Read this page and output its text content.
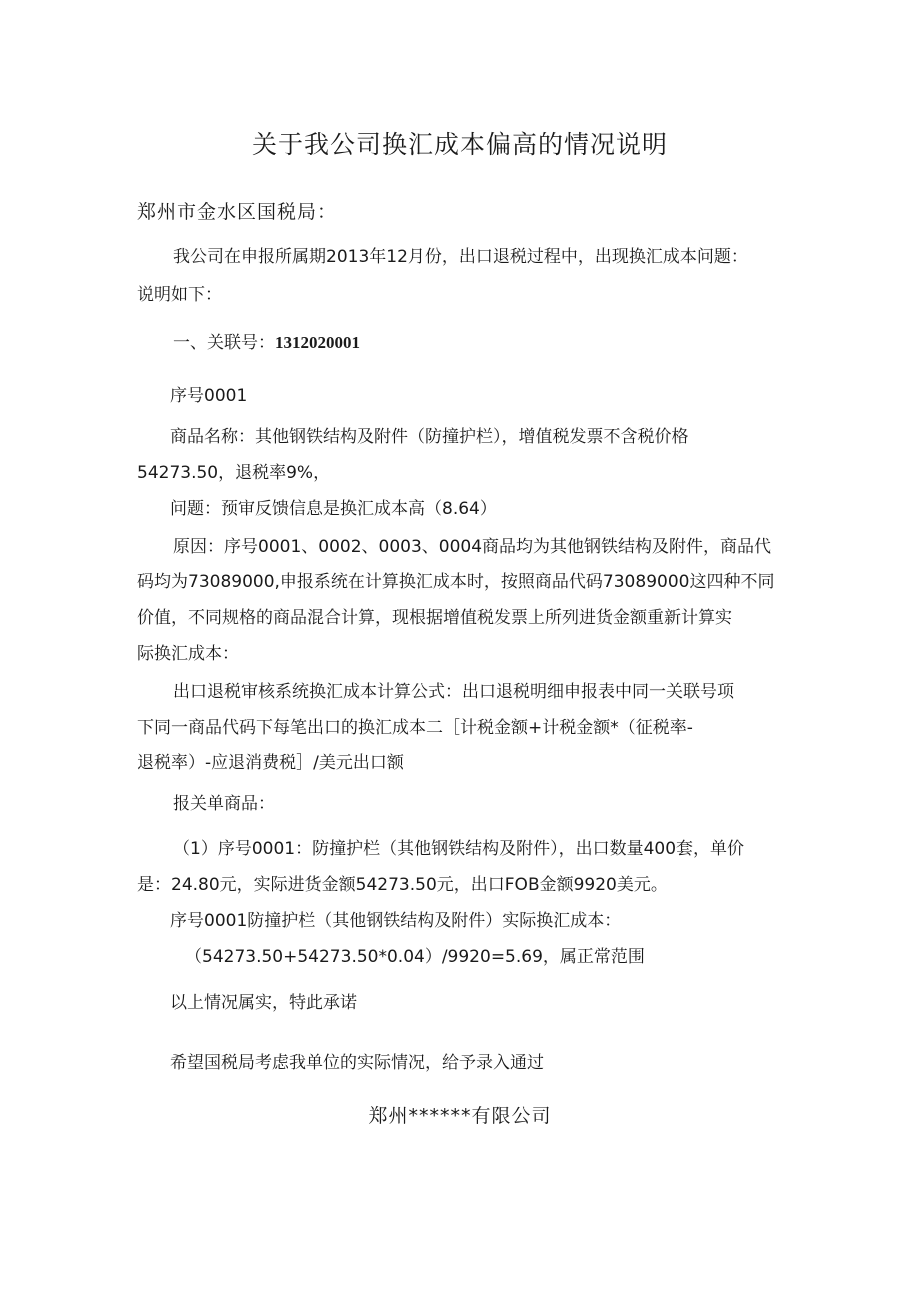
关于我公司换汇成本偏高的情况说明
郑州市金水区国税局：
我公司在申报所属期2013年12月份，出口退税过程中，出现换汇成本问题：
说明如下：
一、关联号：1312020001
序号0001
商品名称：其他钢铁结构及附件（防撞护栏），增值税发票不含税价格
54273.50，退税率9%，
问题：预审反馈信息是换汇成本高（8.64）
原因：序号0001、0002、0003、0004商品均为其他钢铁结构及附件，商品代
码均为73089000,申报系统在计算换汇成本时，按照商品代码73089000这四种不同
价值，不同规格的商品混合计算，现根据增值税发票上所列进货金额重新计算实
际换汇成本：
出口退税审核系统换汇成本计算公式：出口退税明细申报表中同一关联号项
下同一商品代码下每笔出口的换汇成本二［计税金额+计税金额*（征税率-
退税率）-应退消费税］/美元出口额
报关单商品：
（1）序号0001：防撞护栏（其他钢铁结构及附件），出口数量400套，单价
是：24.80元，实际进货金额54273.50元，出口FOB金额9920美元。
序号0001防撞护栏（其他钢铁结构及附件）实际换汇成本：
（54273.50+54273.50*0.04）/9920=5.69，属正常范围
以上情况属实，特此承诺
希望国税局考虑我单位的实际情况，给予录入通过
郑州******有限公司
